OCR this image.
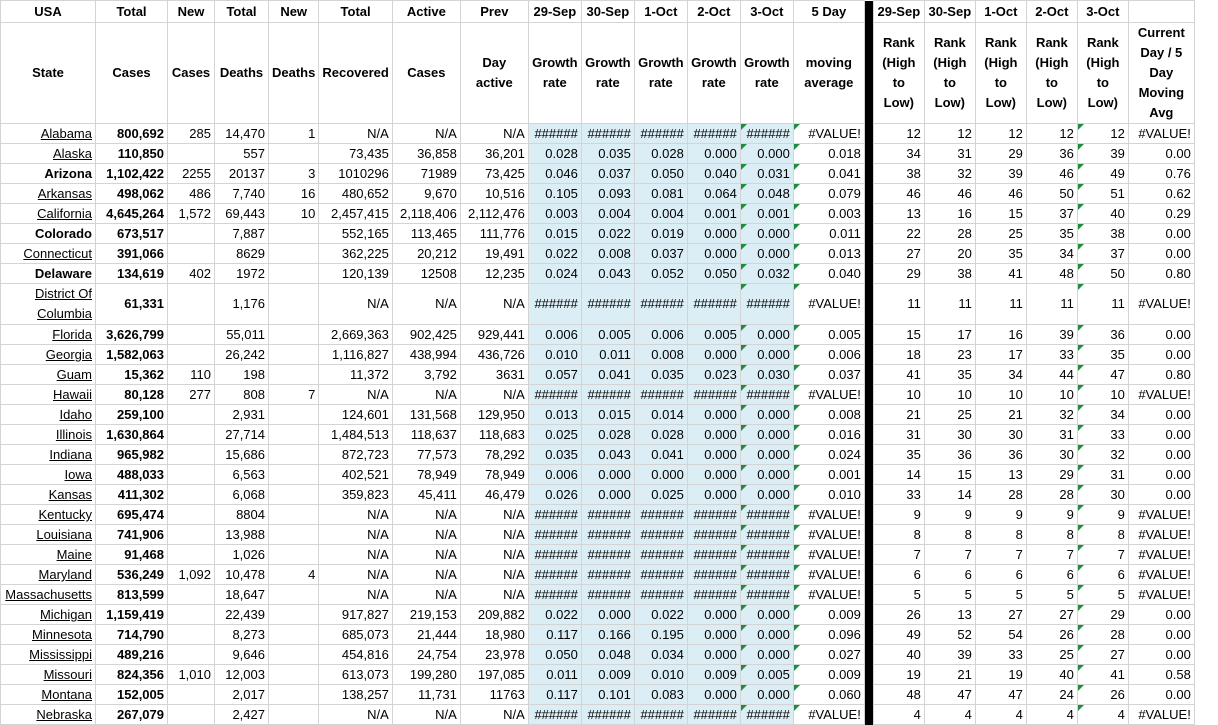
USA	Total	New	Total	New	Total	Active	Prev	29-Sep	30-Sep	1-Oct	2-Oct	3-Oct	5 Day		29-Sep	30-Sep	1-Oct	2-Oct	3-Oct	
State	Cases	Cases	Deaths	Deaths	Recovered	Cases	Day active	Growth rate	Growth rate	Growth rate	Growth rate	Growth rate	moving average		Rank (High to Low)	Rank (High to Low)	Rank (High to Low)	Rank (High to Low)	Rank (High to Low)	Current Day / 5 Day Moving Avg
Alabama	800,692	285	14,470	1	N/A	N/A	N/A	######	######	######	######	######	#VALUE!		12	12	12	12	12	#VALUE!
Alaska	110,850		557		73,435	36,858	36,201	0.028	0.035	0.028	0.000	0.000	0.018		34	31	29	36	39	0.00
Arizona	1,102,422	2255	20137	3	1010296	71989	73,425	0.046	0.037	0.050	0.040	0.031	0.041		38	32	39	46	49	0.76
Arkansas	498,062	486	7,740	16	480,652	9,670	10,516	0.105	0.093	0.081	0.064	0.048	0.079		46	46	46	50	51	0.62
California	4,645,264	1,572	69,443	10	2,457,415	2,118,406	2,112,476	0.003	0.004	0.004	0.001	0.001	0.003		13	16	15	37	40	0.29
Colorado	673,517		7,887		552,165	113,465	111,776	0.015	0.022	0.019	0.000	0.000	0.011		22	28	25	35	38	0.00
Connecticut	391,066		8629		362,225	20,212	19,491	0.022	0.008	0.037	0.000	0.000	0.013		27	20	35	34	37	0.00
Delaware	134,619	402	1972		120,139	12508	12,235	0.024	0.043	0.052	0.050	0.032	0.040		29	38	41	48	50	0.80
District Of Columbia	61,331		1,176		N/A	N/A	N/A	######	######	######	######	######	#VALUE!		11	11	11	11	11	#VALUE!
Florida	3,626,799		55,011		2,669,363	902,425	929,441	0.006	0.005	0.006	0.005	0.000	0.005		15	17	16	39	36	0.00
Georgia	1,582,063		26,242		1,116,827	438,994	436,726	0.010	0.011	0.008	0.000	0.000	0.006		18	23	17	33	35	0.00
Guam	15,362	110	198		11,372	3,792	3631	0.057	0.041	0.035	0.023	0.030	0.037		41	35	34	44	47	0.80
Hawaii	80,128	277	808	7	N/A	N/A	N/A	######	######	######	######	######	#VALUE!		10	10	10	10	10	#VALUE!
Idaho	259,100		2,931		124,601	131,568	129,950	0.013	0.015	0.014	0.000	0.000	0.008		21	25	21	32	34	0.00
Illinois	1,630,864		27,714		1,484,513	118,637	118,683	0.025	0.028	0.028	0.000	0.000	0.016		31	30	30	31	33	0.00
Indiana	965,982		15,686		872,723	77,573	78,292	0.035	0.043	0.041	0.000	0.000	0.024		35	36	36	30	32	0.00
Iowa	488,033		6,563		402,521	78,949	78,949	0.006	0.000	0.000	0.000	0.000	0.001		14	15	13	29	31	0.00
Kansas	411,302		6,068		359,823	45,411	46,479	0.026	0.000	0.025	0.000	0.000	0.010		33	14	28	28	30	0.00
Kentucky	695,474		8804		N/A	N/A	N/A	######	######	######	######	######	#VALUE!		9	9	9	9	9	#VALUE!
Louisiana	741,906		13,988		N/A	N/A	N/A	######	######	######	######	######	#VALUE!		8	8	8	8	8	#VALUE!
Maine	91,468		1,026		N/A	N/A	N/A	######	######	######	######	######	#VALUE!		7	7	7	7	7	#VALUE!
Maryland	536,249	1,092	10,478	4	N/A	N/A	N/A	######	######	######	######	######	#VALUE!		6	6	6	6	6	#VALUE!
Massachusetts	813,599		18,647		N/A	N/A	N/A	######	######	######	######	######	#VALUE!		5	5	5	5	5	#VALUE!
Michigan	1,159,419		22,439		917,827	219,153	209,882	0.022	0.000	0.022	0.000	0.000	0.009		26	13	27	27	29	0.00
Minnesota	714,790		8,273		685,073	21,444	18,980	0.117	0.166	0.195	0.000	0.000	0.096		49	52	54	26	28	0.00
Mississippi	489,216		9,646		454,816	24,754	23,978	0.050	0.048	0.034	0.000	0.000	0.027		40	39	33	25	27	0.00
Missouri	824,356	1,010	12,003		613,073	199,280	197,085	0.011	0.009	0.010	0.009	0.005	0.009		19	21	19	40	41	0.58
Montana	152,005		2,017		138,257	11,731	11763	0.117	0.101	0.083	0.000	0.000	0.060		48	47	47	24	26	0.00
Nebraska	267,079		2,427		N/A	N/A	N/A	######	######	######	######	######	#VALUE!		4	4	4	4	4	#VALUE!
